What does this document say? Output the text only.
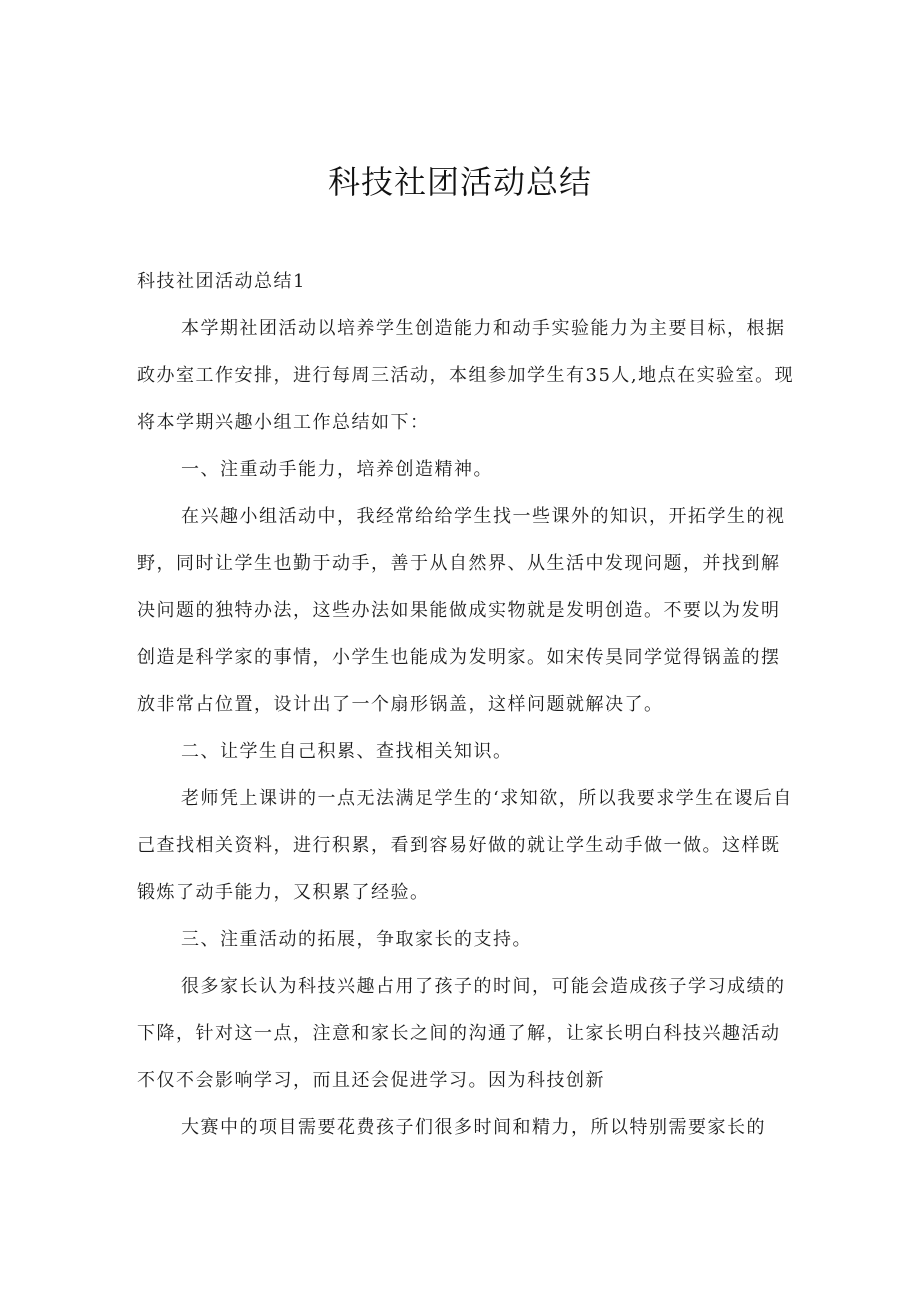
科技社团活动总结

科技社团活动总结1

本学期社团活动以培养学生创造能力和动手实验能力为主要目标，根据政办室工作安排，进行每周三活动，本组参加学生有35人,地点在实验室。现将本学期兴趣小组工作总结如下：

一、注重动手能力，培养创造精神。

在兴趣小组活动中，我经常给给学生找一些课外的知识，开拓学生的视野，同时让学生也勤于动手，善于从自然界、从生活中发现问题，并找到解决问题的独特办法，这些办法如果能做成实物就是发明创造。不要以为发明创造是科学家的事情，小学生也能成为发明家。如宋传昊同学觉得锅盖的摆放非常占位置，设计出了一个扇形锅盖，这样问题就解决了。

二、让学生自己积累、查找相关知识。

老师凭上课讲的一点无法满足学生的‘求知欲，所以我要求学生在谡后自己查找相关资料，进行积累，看到容易好做的就让学生动手做一做。这样既锻炼了动手能力，又积累了经验。

三、注重活动的拓展，争取家长的支持。

很多家长认为科技兴趣占用了孩子的时间，可能会造成孩子学习成绩的下降，针对这一点，注意和家长之间的沟通了解，让家长明白科技兴趣活动不仅不会影响学习，而且还会促进学习。因为科技创新

大赛中的项目需要花费孩子们很多时间和精力，所以特别需要家长的
